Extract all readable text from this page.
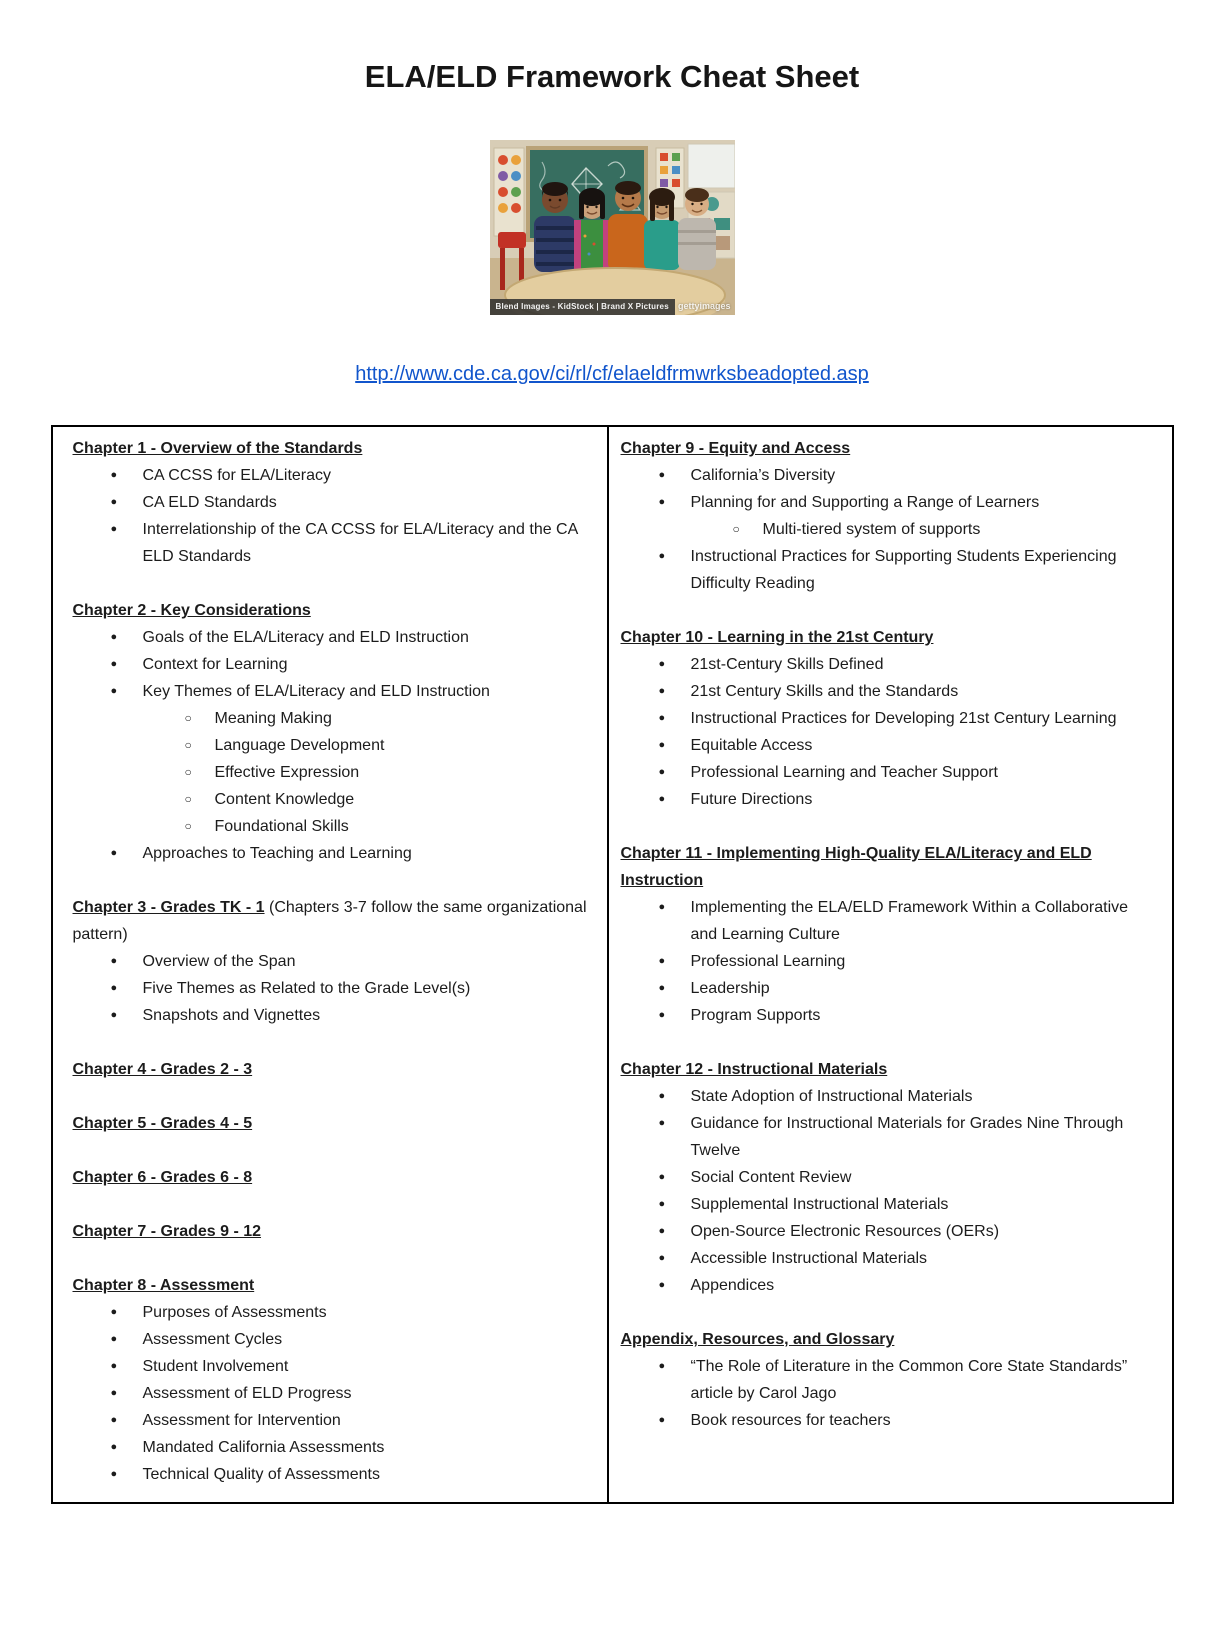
ELA/ELD Framework Cheat Sheet
Blend Images - KidStock | Brand X Pictures	gettyimages
http://www.cde.ca.gov/ci/rl/cf/elaeldfrmwrksbeadopted.asp

Chapter 1 - Overview of the Standards

●	CA CCSS for ELA/Literacy
●	CA ELD Standards
●	Interrelationship of the CA CCSS for ELA/Literacy and the CA ELD Standards

Chapter 2 - Key Considerations

●	Goals of the ELA/Literacy and ELD Instruction
●	Context for Learning
●	Key Themes of ELA/Literacy and ELD Instruction
○	Meaning Making
○	Language Development
○	Effective Expression
○	Content Knowledge
○	Foundational Skills
●	Approaches to Teaching and Learning

Chapter 3 - Grades TK - 1 (Chapters 3-7 follow the same organizational pattern)

●	Overview of the Span
●	Five Themes as Related to the Grade Level(s)
●	Snapshots and Vignettes

Chapter 4 - Grades 2 - 3

Chapter 5 - Grades 4 - 5

Chapter 6 - Grades 6 - 8

Chapter 7 - Grades 9 - 12

Chapter 8 - Assessment

●	Purposes of Assessments
●	Assessment Cycles
●	Student Involvement
●	Assessment of ELD Progress
●	Assessment for Intervention
●	Mandated California Assessments
●	Technical Quality of Assessments

Chapter 9 - Equity and Access

●	California’s Diversity
●	Planning for and Supporting a Range of Learners
○	Multi-tiered system of supports
●	Instructional Practices for Supporting Students Experiencing Difficulty Reading

Chapter 10 - Learning in the 21st Century

●	21st-Century Skills Defined
●	21st Century Skills and the Standards
●	Instructional Practices for Developing 21st Century Learning
●	Equitable Access
●	Professional Learning and Teacher Support
●	Future Directions

Chapter 11 - Implementing High-Quality ELA/Literacy and ELD Instruction

●	Implementing the ELA/ELD Framework Within a Collaborative and Learning Culture
●	Professional Learning
●	Leadership
●	Program Supports

Chapter 12 - Instructional Materials

●	State Adoption of Instructional Materials
●	Guidance for Instructional Materials for Grades Nine Through Twelve
●	Social Content Review
●	Supplemental Instructional Materials
●	Open-Source Electronic Resources (OERs)
●	Accessible Instructional Materials
●	Appendices

Appendix, Resources, and Glossary

●	“The Role of Literature in the Common Core State Standards” article by Carol Jago
●	Book resources for teachers
